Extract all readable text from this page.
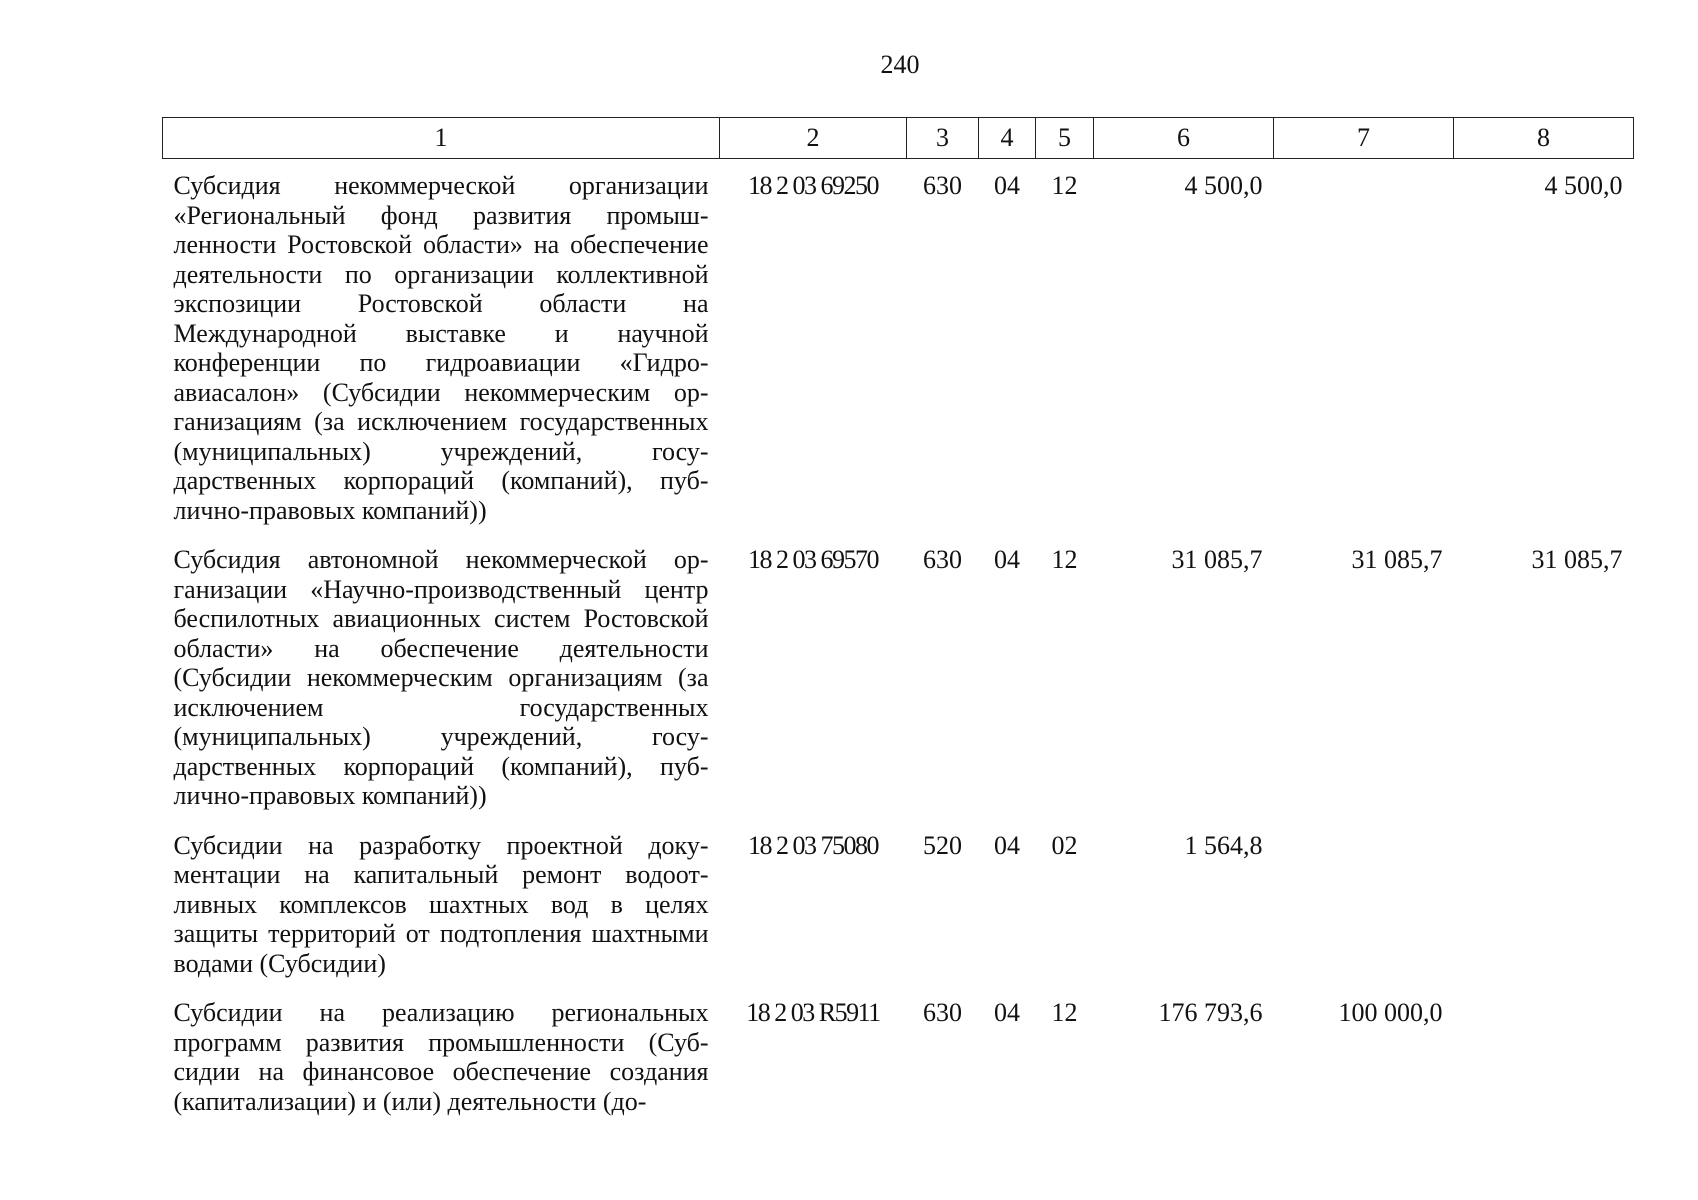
240
1	2	3	4	5	6	7	8
Субсидия некоммерческой организации «Региональный фонд развития промышленности Ростовской области» на обеспечение деятельности по организации коллективной экспозиции Ростовской области на Международной выставке и научной конференции по гидроавиации «Гидроавиасалон» (Субсидии некоммерческим организациям (за исключением государственных (муниципальных) учреждений, государственных корпораций (компаний), публично-правовых компаний))	18 2 03 69250	630	04	12	4 500,0		4 500,0
Субсидия автономной некоммерческой организации «Научно-производственный центр беспилотных авиационных систем Ростовской области» на обеспечение деятельности (Субсидии некоммерческим организациям (за исключением государственных (муниципальных) учреждений, государственных корпораций (компаний), публично-правовых компаний))	18 2 03 69570	630	04	12	31 085,7	31 085,7	31 085,7
Субсидии на разработку проектной документации на капитальный ремонт водоотливных комплексов шахтных вод в целях защиты территорий от подтопления шахтными водами (Субсидии)	18 2 03 75080	520	04	02	1 564,8		
Субсидии на реализацию региональных программ развития промышленности (Субсидии на финансовое обеспечение создания (капитализации) и (или) деятельности (до-	18 2 03 R5911	630	04	12	176 793,6	100 000,0	
